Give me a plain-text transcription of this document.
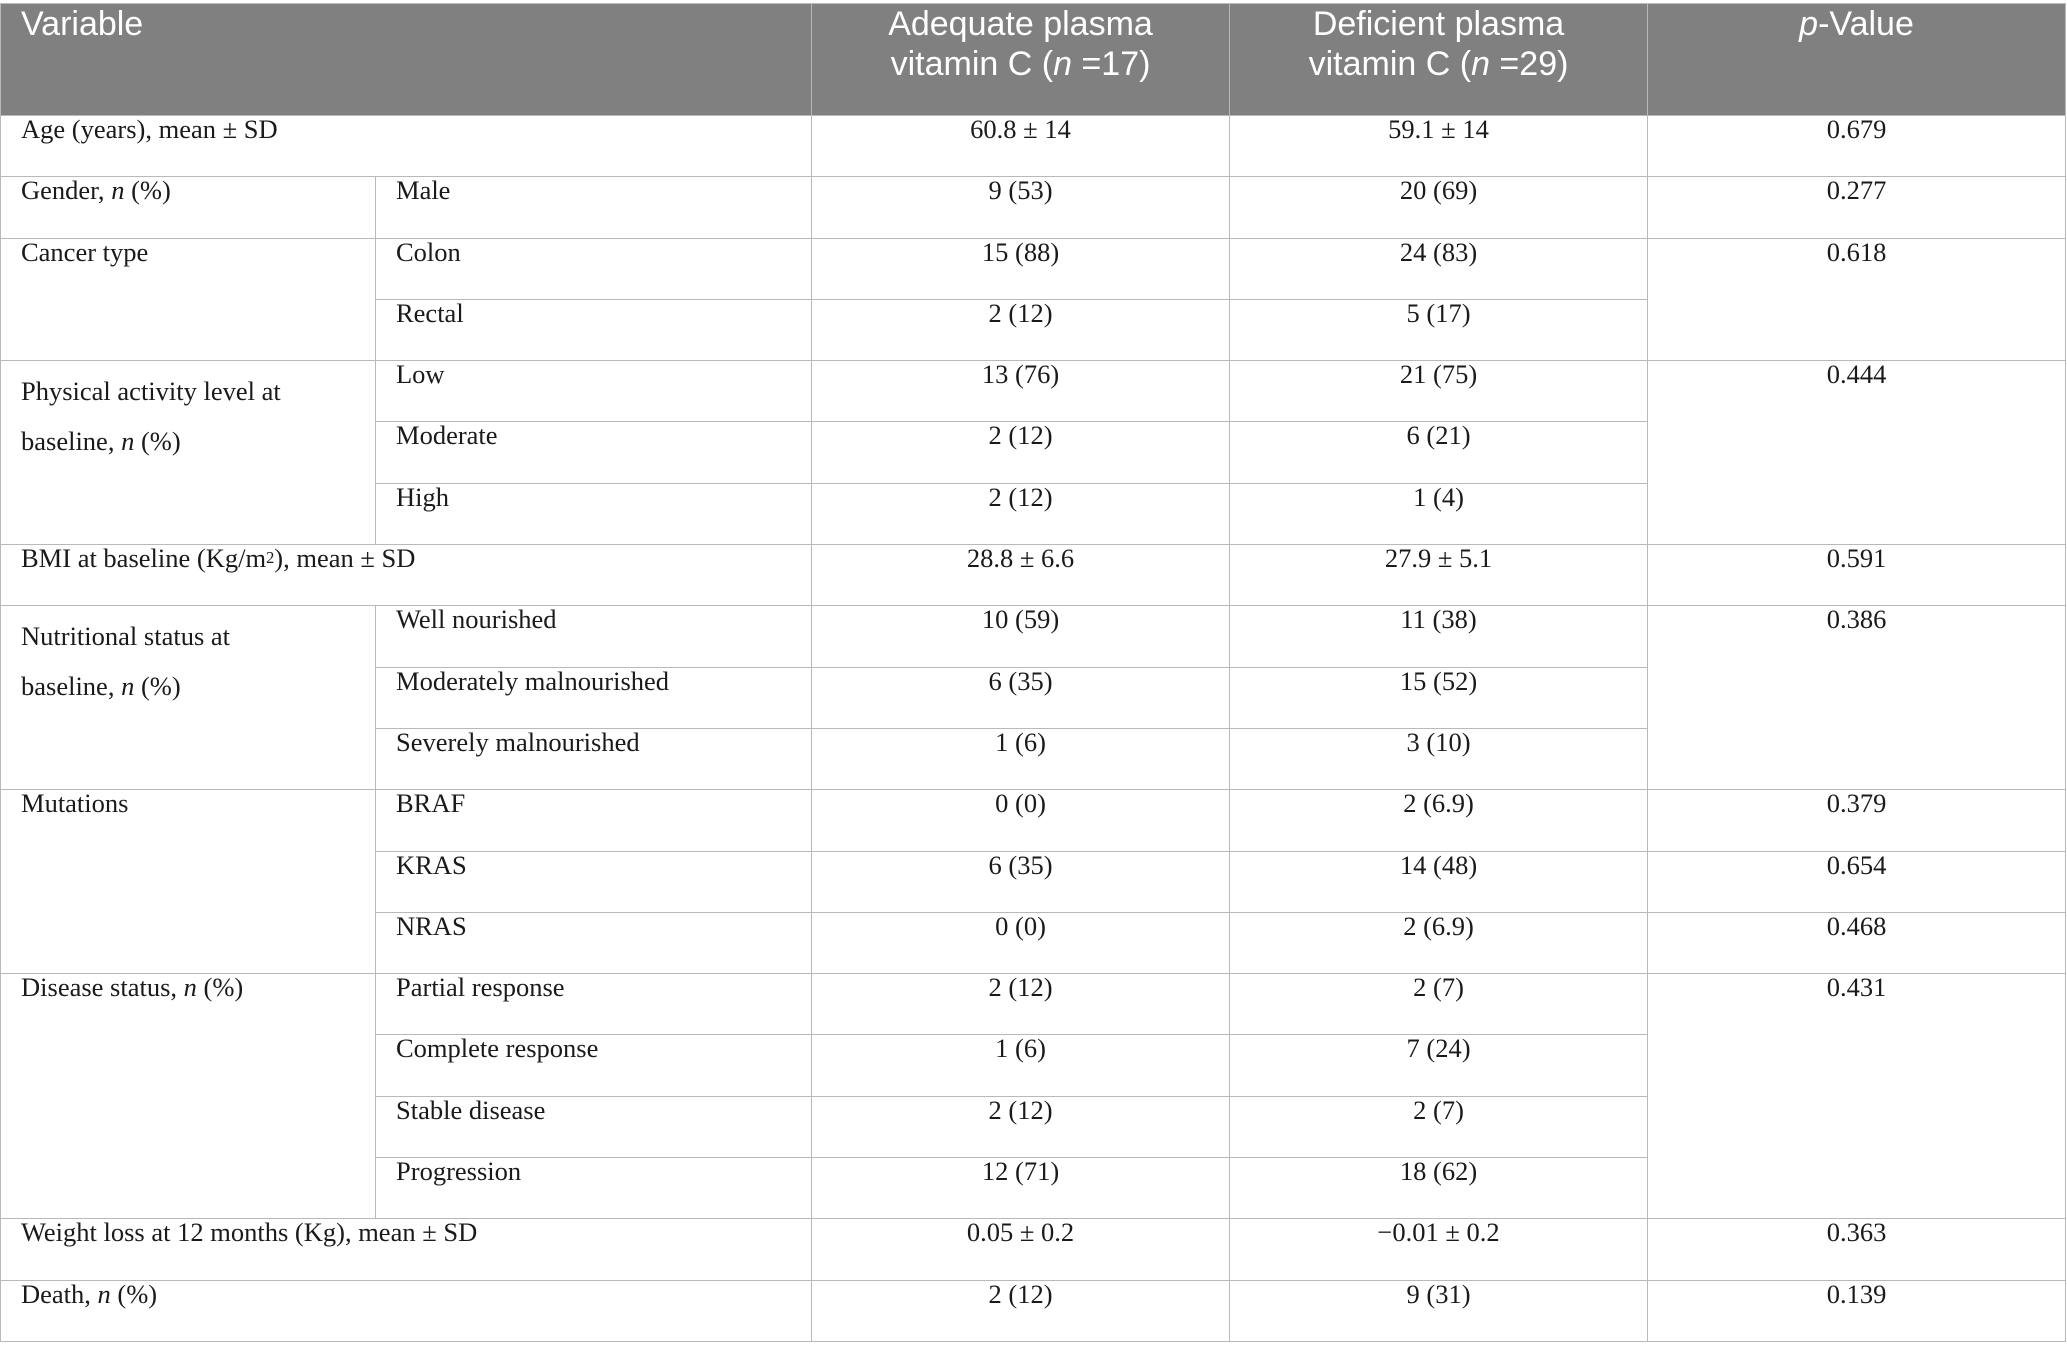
Variable		Adequate plasma
vitamin C (n =17)	Deficient plasma
vitamin C (n =29)	p-Value
Age (years), mean ± SD		60.8 ± 14	59.1 ± 14	0.679
Gender, n (%)	Male	9 (53)	20 (69)	0.277
Cancer type	Colon	15 (88)	24 (83)	0.618
	Rectal	2 (12)	5 (17)	
Physical activity level at
baseline, n (%)	Low	13 (76)	21 (75)	0.444
	Moderate	2 (12)	6 (21)	
	High	2 (12)	1 (4)	
BMI at baseline $(Kg/m^2)$, mean ± SD		28.8 ± 6.6	27.9 ± 5.1	0.591
Nutritional status at
baseline, n (%)	Well nourished	10 (59)	11 (38)	0.386
	Moderately malnourished	6 (35)	15 (52)	
	Severely malnourished	1 (6)	3 (10)	
Mutations	BRAF	0 (0)	2 (6.9)	0.379
	KRAS	6 (35)	14 (48)	0.654
	NRAS	0 (0)	2 (6.9)	0.468
Disease status, n (%)	Partial response	2 (12)	2 (7)	0.431
	Complete response	1 (6)	7 (24)	
	Stable disease	2 (12)	2 (7)	
	Progression	12 (71)	18 (62)	
Weight loss at 12 months (Kg), mean ± SD		0.05 ± 0.2	−0.01 ± 0.2	0.363
Death, n (%)		2 (12)	9 (31)	0.139
